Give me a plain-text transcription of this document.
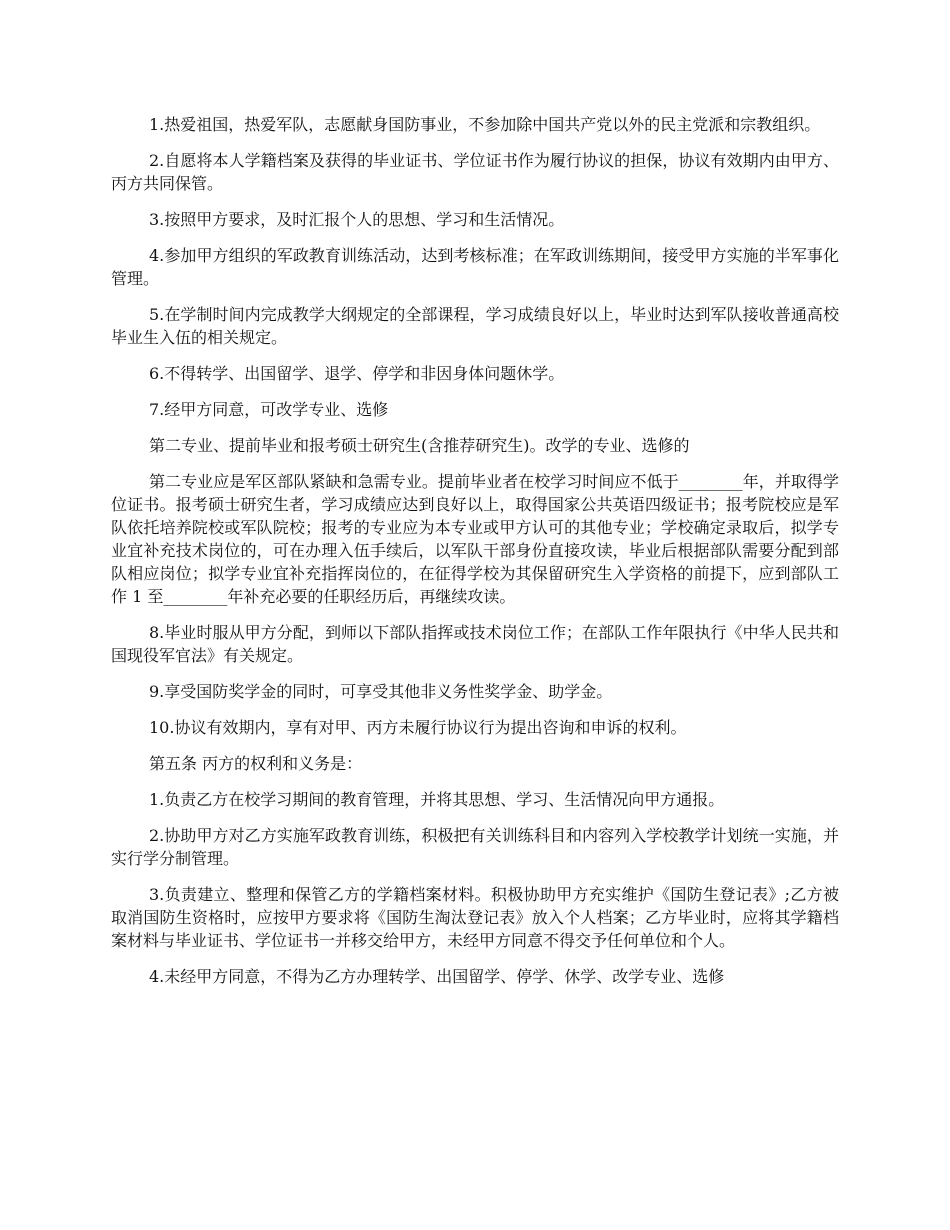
1.热爱祖国，热爱军队，志愿献身国防事业，不参加除中国共产党以外的民主党派和宗教组织。

2.自愿将本人学籍档案及获得的毕业证书、学位证书作为履行协议的担保，协议有效期内由甲方、丙方共同保管。

3.按照甲方要求，及时汇报个人的思想、学习和生活情况。

4.参加甲方组织的军政教育训练活动，达到考核标准；在军政训练期间，接受甲方实施的半军事化管理。

5.在学制时间内完成教学大纲规定的全部课程，学习成绩良好以上，毕业时达到军队接收普通高校毕业生入伍的相关规定。

6.不得转学、出国留学、退学、停学和非因身体问题休学。

7.经甲方同意，可改学专业、选修

第二专业、提前毕业和报考硕士研究生(含推荐研究生)。改学的专业、选修的

第二专业应是军区部队紧缺和急需专业。提前毕业者在校学习时间应不低于________年，并取得学位证书。报考硕士研究生者，学习成绩应达到良好以上，取得国家公共英语四级证书；报考院校应是军队依托培养院校或军队院校；报考的专业应为本专业或甲方认可的其他专业；学校确定录取后，拟学专业宜补充技术岗位的，可在办理入伍手续后，以军队干部身份直接攻读，毕业后根据部队需要分配到部队相应岗位；拟学专业宜补充指挥岗位的，在征得学校为其保留研究生入学资格的前提下，应到部队工作 1 至________年补充必要的任职经历后，再继续攻读。

8.毕业时服从甲方分配，到师以下部队指挥或技术岗位工作；在部队工作年限执行《中华人民共和国现役军官法》有关规定。

9.享受国防奖学金的同时，可享受其他非义务性奖学金、助学金。

10.协议有效期内，享有对甲、丙方未履行协议行为提出咨询和申诉的权利。

第五条 丙方的权利和义务是：

1.负责乙方在校学习期间的教育管理，并将其思想、学习、生活情况向甲方通报。

2.协助甲方对乙方实施军政教育训练，积极把有关训练科目和内容列入学校教学计划统一实施，并实行学分制管理。

3.负责建立、整理和保管乙方的学籍档案材料。积极协助甲方充实维护《国防生登记表》;乙方被取消国防生资格时，应按甲方要求将《国防生淘汰登记表》放入个人档案；乙方毕业时，应将其学籍档案材料与毕业证书、学位证书一并移交给甲方，未经甲方同意不得交予任何单位和个人。

4.未经甲方同意，不得为乙方办理转学、出国留学、停学、休学、改学专业、选修
